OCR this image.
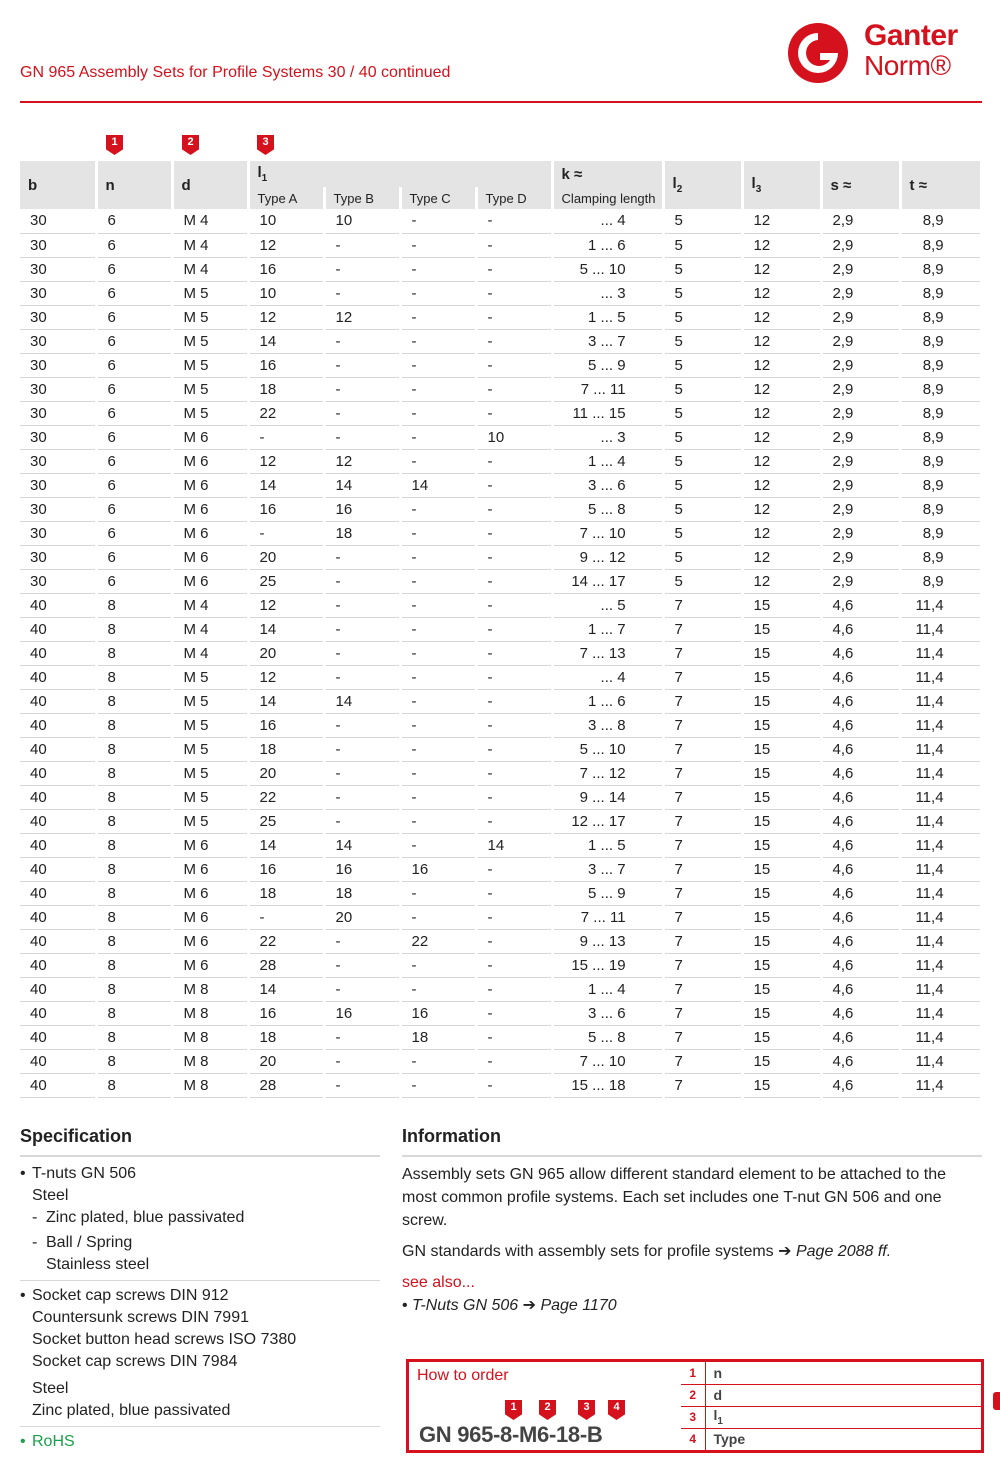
GN 965 Assembly Sets for Profile Systems 30 / 40 continued
Ganter
Norm®
1	2	3
b	n	d	$l_1$				k ≈	$l_2$	$l_3$	s ≈	t ≈
			Type A	Type B	Type C	Type D	Clamping length				
30	6	M 4	10	10	-	-	... 4	5	12	2,9	8,9
30	6	M 4	12	-	-	-	1 ... 6	5	12	2,9	8,9
30	6	M 4	16	-	-	-	5 ... 10	5	12	2,9	8,9
30	6	M 5	10	-	-	-	... 3	5	12	2,9	8,9
30	6	M 5	12	12	-	-	1 ... 5	5	12	2,9	8,9
30	6	M 5	14	-	-	-	3 ... 7	5	12	2,9	8,9
30	6	M 5	16	-	-	-	5 ... 9	5	12	2,9	8,9
30	6	M 5	18	-	-	-	7 ... 11	5	12	2,9	8,9
30	6	M 5	22	-	-	-	11 ... 15	5	12	2,9	8,9
30	6	M 6	-	-	-	10	... 3	5	12	2,9	8,9
30	6	M 6	12	12	-	-	1 ... 4	5	12	2,9	8,9
30	6	M 6	14	14	14	-	3 ... 6	5	12	2,9	8,9
30	6	M 6	16	16	-	-	5 ... 8	5	12	2,9	8,9
30	6	M 6	-	18	-	-	7 ... 10	5	12	2,9	8,9
30	6	M 6	20	-	-	-	9 ... 12	5	12	2,9	8,9
30	6	M 6	25	-	-	-	14 ... 17	5	12	2,9	8,9
40	8	M 4	12	-	-	-	... 5	7	15	4,6	11,4
40	8	M 4	14	-	-	-	1 ... 7	7	15	4,6	11,4
40	8	M 4	20	-	-	-	7 ... 13	7	15	4,6	11,4
40	8	M 5	12	-	-	-	... 4	7	15	4,6	11,4
40	8	M 5	14	14	-	-	1 ... 6	7	15	4,6	11,4
40	8	M 5	16	-	-	-	3 ... 8	7	15	4,6	11,4
40	8	M 5	18	-	-	-	5 ... 10	7	15	4,6	11,4
40	8	M 5	20	-	-	-	7 ... 12	7	15	4,6	11,4
40	8	M 5	22	-	-	-	9 ... 14	7	15	4,6	11,4
40	8	M 5	25	-	-	-	12 ... 17	7	15	4,6	11,4
40	8	M 6	14	14	-	14	1 ... 5	7	15	4,6	11,4
40	8	M 6	16	16	16	-	3 ... 7	7	15	4,6	11,4
40	8	M 6	18	18	-	-	5 ... 9	7	15	4,6	11,4
40	8	M 6	-	20	-	-	7 ... 11	7	15	4,6	11,4
40	8	M 6	22	-	22	-	9 ... 13	7	15	4,6	11,4
40	8	M 6	28	-	-	-	15 ... 19	7	15	4,6	11,4
40	8	M 8	14	-	-	-	1 ... 4	7	15	4,6	11,4
40	8	M 8	16	16	16	-	3 ... 6	7	15	4,6	11,4
40	8	M 8	18	-	18	-	5 ... 8	7	15	4,6	11,4
40	8	M 8	20	-	-	-	7 ... 10	7	15	4,6	11,4
40	8	M 8	28	-	-	-	15 ... 18	7	15	4,6	11,4
Specification
• T-nuts GN 506
Steel
- Zinc plated, blue passivated
- Ball / Spring
Stainless steel
• Socket cap screws DIN 912
Countersunk screws DIN 7991
Socket button head screws ISO 7380
Socket cap screws DIN 7984
Steel
Zinc plated, blue passivated
• RoHS
Information

Assembly sets GN 965 allow different standard element to be attached to the most common profile systems. Each set includes one T-nut GN 506 and one screw.

GN standards with assembly sets for profile systems ➔ Page 2088 ff.

see also...

• T-Nuts GN 506 ➔ Page 1170

How to order
1	2	3	4
GN 965-8-M6-18-B
1	n
2	d
3	$l_1$
4	Type
